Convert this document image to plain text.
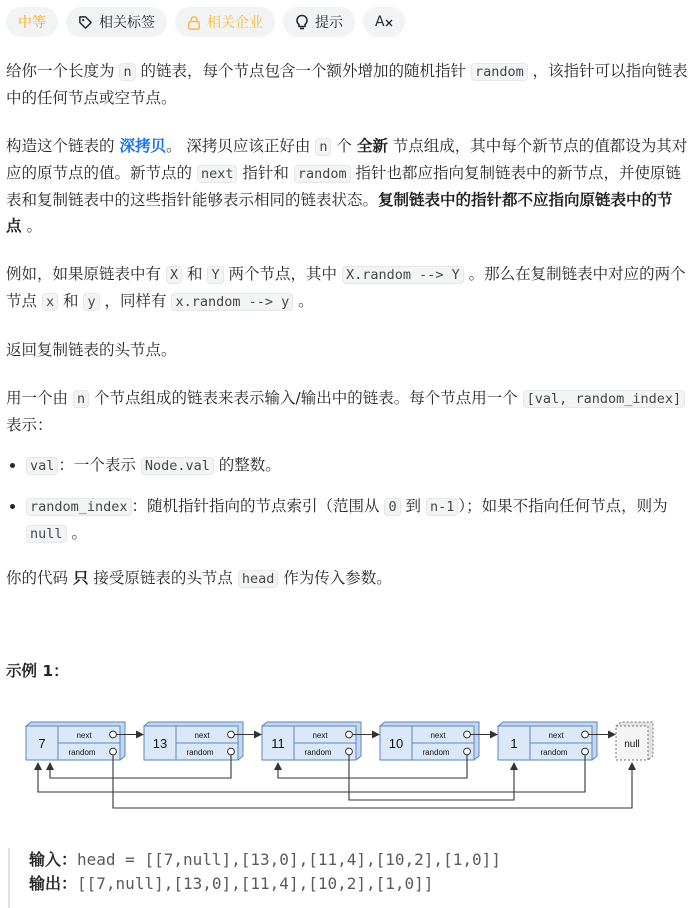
中等	相关标签	相关企业	提示 A

给你一个长度为 n 的链表，每个节点包含一个额外增加的随机指针 random ，该指针可以指向链表中的任何节点或空节点。

构造这个链表的 深拷贝。 深拷贝应该正好由 n 个 全新 节点组成，其中每个新节点的值都设为其对应的原节点的值。新节点的 next 指针和 random 指针也都应指向复制链表中的新节点，并使原链表和复制链表中的这些指针能够表示相同的链表状态。复制链表中的指针都不应指向原链表中的节点 。

例如，如果原链表中有 X 和 Y 两个节点，其中 X.random --> Y 。那么在复制链表中对应的两个节点 x 和 y ，同样有 x.random --> y 。

返回复制链表的头节点。

用一个由 n 个节点组成的链表来表示输入/输出中的链表。每个节点用一个 [val, random_index] 表示：

• val ：一个表示 Node.val 的整数。
• random_index ：随机指针指向的节点索引（范围从 0 到 n-1 ）；如果不指向任何节点，则为 null 。

你的代码 只 接受原链表的头节点 head 作为传入参数。

示例 1：

7
next
random
13
next
random
11
next
random
10
next
random
1
next
random
null
输入：head = [[7,null],[13,0],[11,4],[10,2],[1,0]]
输出：[[7,null],[13,0],[11,4],[10,2],[1,0]]
